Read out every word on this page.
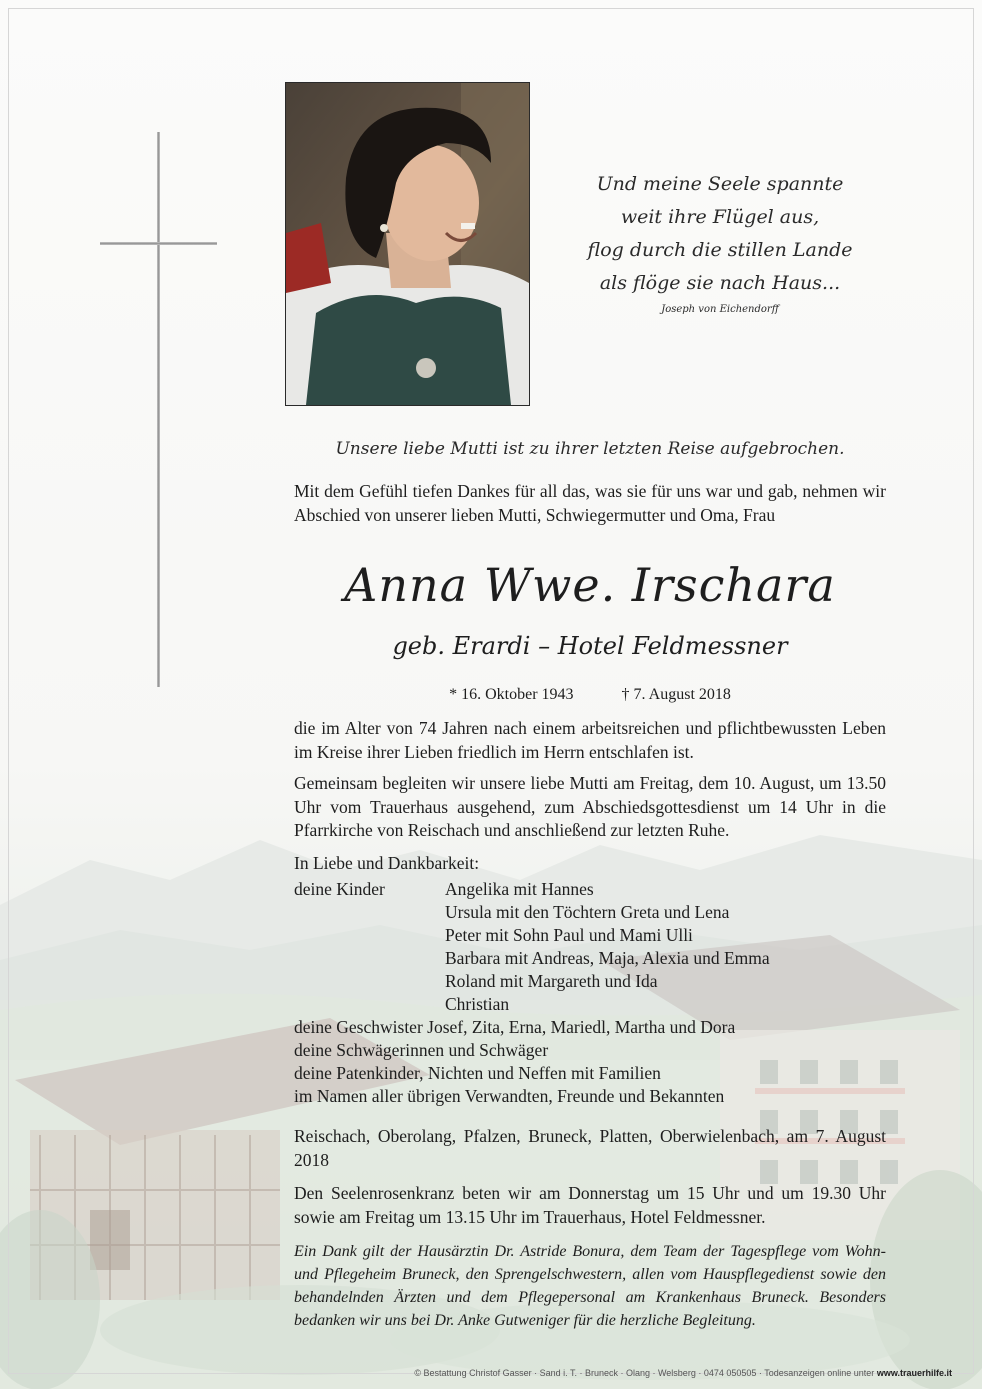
Und meine Seele spannte
weit ihre Flügel aus,
flog durch die stillen Lande
als flöge sie nach Haus...
Joseph von Eichendorff
Unsere liebe Mutti ist zu ihrer letzten Reise aufgebrochen.
Mit dem Gefühl tiefen Dankes für all das, was sie für uns war und gab, nehmen wir Abschied von unserer lieben Mutti, Schwiegermutter und Oma, Frau
Anna Wwe. Irschara
geb. Erardi – Hotel Feldmessner
* 16. Oktober 1943	† 7. August 2018
die im Alter von 74 Jahren nach einem arbeitsreichen und pflichtbewussten Leben im Kreise ihrer Lieben friedlich im Herrn entschlafen ist.
Gemeinsam begleiten wir unsere liebe Mutti am Freitag, dem 10. August, um 13.50 Uhr vom Trauerhaus ausgehend, zum Abschiedsgottesdienst um 14 Uhr in die Pfarrkirche von Reischach und anschließend zur letzten Ruhe.
In Liebe und Dankbarkeit:
deine Kinder	Angelika mit Hannes
Ursula mit den Töchtern Greta und Lena
Peter mit Sohn Paul und Mami Ulli
Barbara mit Andreas, Maja, Alexia und Emma
Roland mit Margareth und Ida
Christian
deine Geschwister Josef, Zita, Erna, Mariedl, Martha und Dora
deine Schwägerinnen und Schwäger
deine Patenkinder, Nichten und Neffen mit Familien
im Namen aller übrigen Verwandten, Freunde und Bekannten
Reischach, Oberolang, Pfalzen, Bruneck, Platten, Oberwielenbach, am 7. August 2018
Den Seelenrosenkranz beten wir am Donnerstag um 15 Uhr und um 19.30 Uhr sowie am Freitag um 13.15 Uhr im Trauerhaus, Hotel Feldmessner.
Ein Dank gilt der Hausärztin Dr. Astride Bonura, dem Team der Tagespflege vom Wohn- und Pflegeheim Bruneck, den Sprengelschwestern, allen vom Hauspflegedienst sowie den behandelnden Ärzten und dem Pflegepersonal am Krankenhaus Bruneck. Besonders bedanken wir uns bei Dr. Anke Gutweniger für die herzliche Begleitung.
© Bestattung Christof Gasser · Sand i. T. · Bruneck · Olang · Welsberg · 0474 050505 · Todesanzeigen online unter www.trauerhilfe.it
